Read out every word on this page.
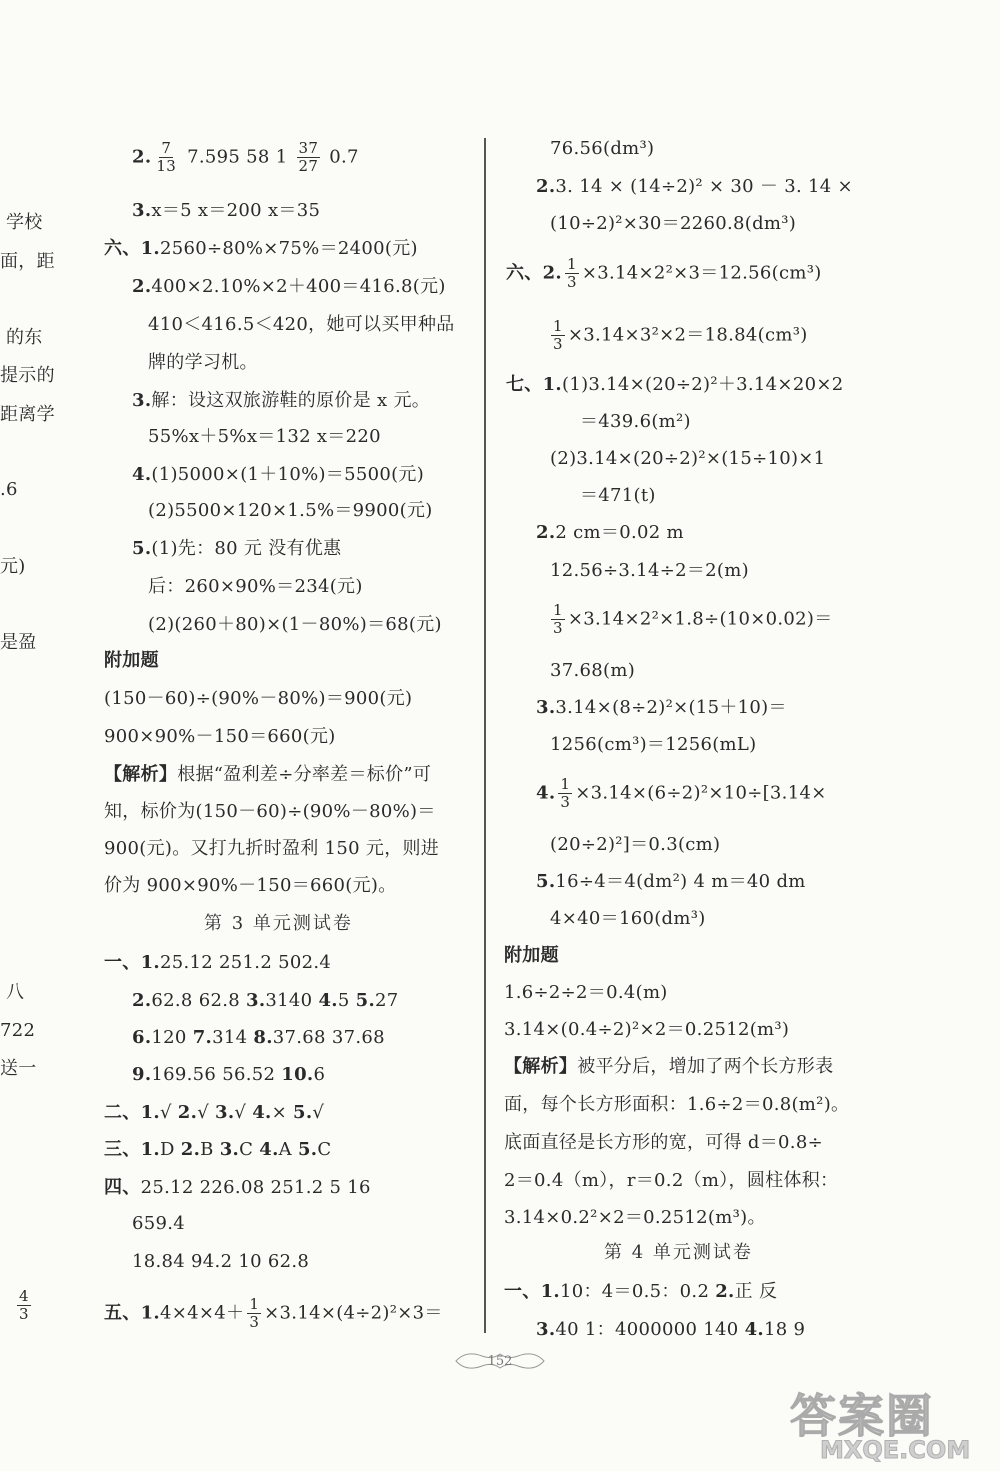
学校
面，距
的东
提示的
距离学
.6
元)
是盈
八
722
送一
$\frac{4}{3}$
2. $\frac{7}{13} 7.595$ 58 $1 \frac{37}{27} 0.7$
3.x＝5 x＝200 x＝35
六、1.2560÷80%×75%＝2400(元)
2.400×2.10%×2＋400＝416.8(元)
410＜416.5＜420，她可以买甲种品
牌的学习机。
3.解：设这双旅游鞋的原价是 x 元。
55%x＋5%x＝132 x＝220
4.(1)5000×(1＋10%)＝5500(元)
(2)5500×120×1.5%＝9900(元)
5.(1)先：80 元 没有优惠
后：260×90%＝234(元)
(2)(260＋80)×(1－80%)＝68(元)
附加题
(150－60)÷(90%－80%)＝900(元)
900×90%－150＝660(元)
【解析】根据“盈利差÷分率差＝标价”可
知，标价为(150－60)÷(90%－80%)＝
900(元)。又打九折时盈利 150 元，则进
价为 900×90%－150＝660(元)。
第 3 单元测试卷
一、1.25.12 251.2 502.4
2.62.8 62.8 3.3140 4.5 5.27
6.120 7.314 8.37.68 37.68
9.169.56 56.52 10.6
二、1.√ 2.√ 3.√ 4.× 5.√
三、1.D 2.B 3.C 4.A 5.C
四、25.12 226.08 251.2 5 16
659.4
18.84 94.2 10 62.8
五、$1.4\times 4\times 4+ \frac{1}{3} \times 3.14\times(4\div 2)^2\times 3=$
76.56(dm³)
2.3. 14 × (14÷2)² × 30 － 3. 14 ×
(10÷2)²×30＝2260.8(dm³)
六、2. $\frac{1}{3} \times 3.14\times 2^2\times 3=12.56(cm^3)$
$\frac{1}{3} \times 3.14\times 3^2\times 2=18.84(cm^3)$
七、1.(1)3.14×(20÷2)²＋3.14×20×2
＝439.6(m²)
(2)3.14×(20÷2)²×(15÷10)×1
＝471(t)
2.2 cm＝0.02 m
12.56÷3.14÷2＝2(m)
$\frac{1}{3} \times 3.14\times 2^2\times 1.8\div(10\times 0.02)=$
37.68(m)
3.3.14×(8÷2)²×(15＋10)＝
1256(cm³)＝1256(mL)
4. $\frac{1}{3} \times 3.14\times(6\div 2)^2\times 10\div[3.14\times$
(20÷2)²]＝0.3(cm)
5.16÷4＝4(dm²) 4 m＝40 dm
4×40＝160(dm³)
附加题
1.6÷2÷2＝0.4(m)
3.14×(0.4÷2)²×2＝0.2512(m³)
【解析】被平分后，增加了两个长方形表
面，每个长方形面积：1.6÷2＝0.8(m²)。
底面直径是长方形的宽，可得 d＝0.8÷
2＝0.4（m），r＝0.2（m），圆柱体积：
3.14×0.2²×2＝0.2512(m³)。
第 4 单元测试卷
一、1.10：4＝0.5：0.2 2.正 反
3.40 1：4000000 140 4.18 9
152
答案圈
MXQE.COM
